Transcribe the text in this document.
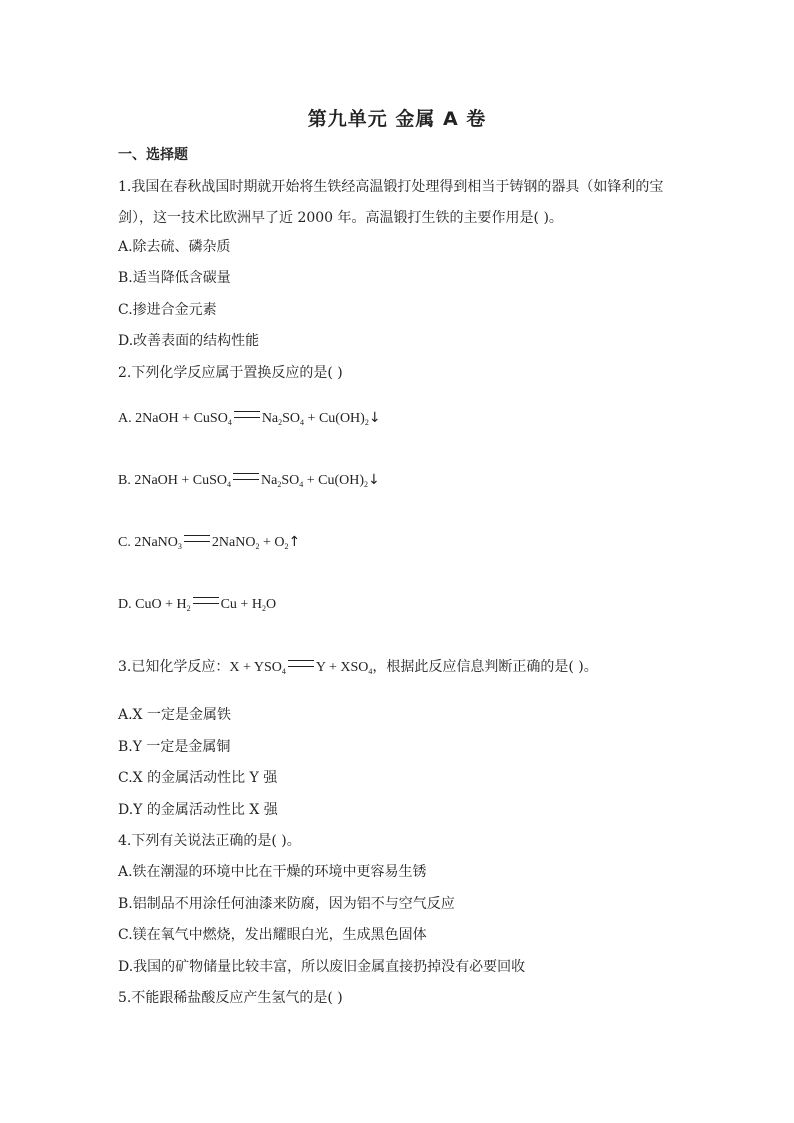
第九单元 金属 A 卷
一、选择题
1.我国在春秋战国时期就开始将生铁经高温锻打处理得到相当于铸钢的器具（如锋利的宝
剑），这一技术比欧洲早了近 2000 年。高温锻打生铁的主要作用是( )。
A.除去硫、磷杂质
B.适当降低含碳量
C.掺进合金元素
D.改善表面的结构性能
2.下列化学反应属于置换反应的是( )
A. 2NaOH + CuSO$_4$ $Na_2SO_4$ + $Cu(OH)_2↓$
B. 2NaOH + CuSO$_4$ $Na_2SO_4$ + $Cu(OH)_2↓$
C. 2NaNO$_3$ 2NaNO$_2$ + $O_2↑$
D. CuO + $H_2$ $Cu + H_2O$
3.已知化学反应：$X + YSO_4$ $Y + XSO_4$，根据此反应信息判断正确的是( )。
A.X 一定是金属铁
B.Y 一定是金属铜
C.X 的金属活动性比 Y 强
D.Y 的金属活动性比 X 强
4.下列有关说法正确的是( )。
A.铁在潮湿的环境中比在干燥的环境中更容易生锈
B.铝制品不用涂任何油漆来防腐，因为铝不与空气反应
C.镁在氧气中燃烧，发出耀眼白光，生成黑色固体
D.我国的矿物储量比较丰富，所以废旧金属直接扔掉没有必要回收
5.不能跟稀盐酸反应产生氢气的是( )
